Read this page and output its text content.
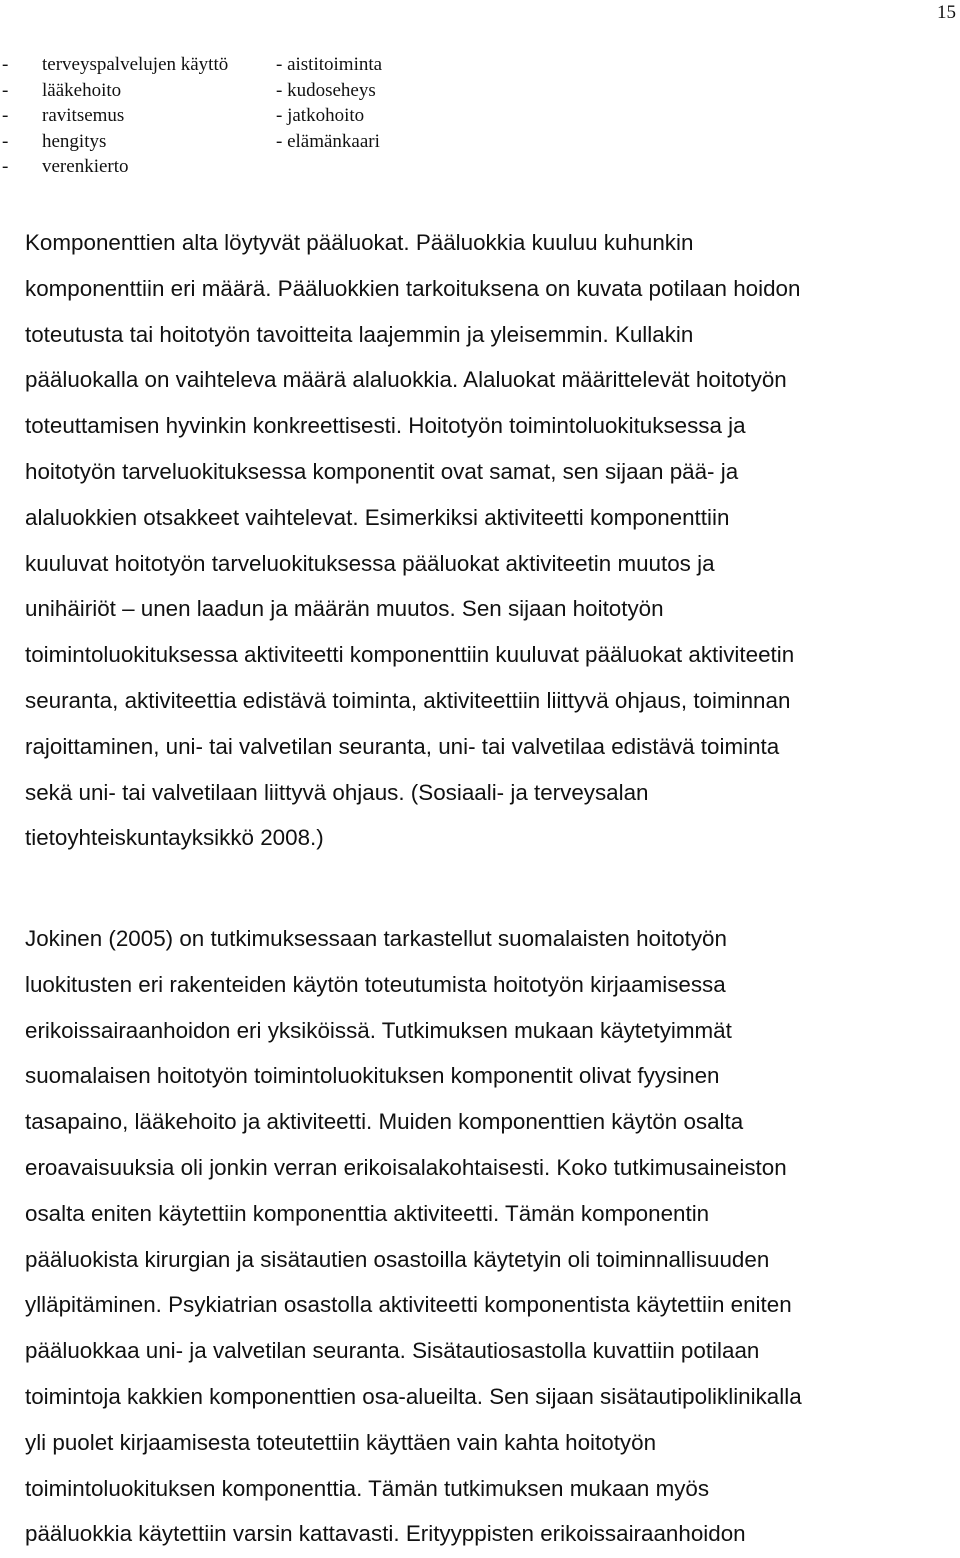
15
- terveyspalvelujen käyttö	- aistitoiminta
- lääkehoito	- kudoseheys
- ravitsemus	- jatkohoito
- hengitys	- elämänkaari
- verenkierto

Komponenttien alta löytyvät pääluokat. Pääluokkia kuuluu kuhunkin
komponenttiin eri määrä. Pääluokkien tarkoituksena on kuvata potilaan hoidon
toteutusta tai hoitotyön tavoitteita laajemmin ja yleisemmin. Kullakin
pääluokalla on vaihteleva määrä alaluokkia. Alaluokat määrittelevät hoitotyön
toteuttamisen hyvinkin konkreettisesti. Hoitotyön toimintoluokituksessa ja
hoitotyön tarveluokituksessa komponentit ovat samat, sen sijaan pää- ja
alaluokkien otsakkeet vaihtelevat. Esimerkiksi aktiviteetti komponenttiin
kuuluvat hoitotyön tarveluokituksessa pääluokat aktiviteetin muutos ja
unihäiriöt – unen laadun ja määrän muutos. Sen sijaan hoitotyön
toimintoluokituksessa aktiviteetti komponenttiin kuuluvat pääluokat aktiviteetin
seuranta, aktiviteettia edistävä toiminta, aktiviteettiin liittyvä ohjaus, toiminnan
rajoittaminen, uni- tai valvetilan seuranta, uni- tai valvetilaa edistävä toiminta
sekä uni- tai valvetilaan liittyvä ohjaus. (Sosiaali- ja terveysalan
tietoyhteiskuntayksikkö 2008.)

Jokinen (2005) on tutkimuksessaan tarkastellut suomalaisten hoitotyön
luokitusten eri rakenteiden käytön toteutumista hoitotyön kirjaamisessa
erikoissairaanhoidon eri yksiköissä. Tutkimuksen mukaan käytetyimmät
suomalaisen hoitotyön toimintoluokituksen komponentit olivat fyysinen
tasapaino, lääkehoito ja aktiviteetti. Muiden komponenttien käytön osalta
eroavaisuuksia oli jonkin verran erikoisalakohtaisesti. Koko tutkimusaineiston
osalta eniten käytettiin komponenttia aktiviteetti. Tämän komponentin
pääluokista kirurgian ja sisätautien osastoilla käytetyin oli toiminnallisuuden
ylläpitäminen. Psykiatrian osastolla aktiviteetti komponentista käytettiin eniten
pääluokkaa uni- ja valvetilan seuranta. Sisätautiosastolla kuvattiin potilaan
toimintoja kakkien komponenttien osa-alueilta. Sen sijaan sisätautipoliklinikalla
yli puolet kirjaamisesta toteutettiin käyttäen vain kahta hoitotyön
toimintoluokituksen komponenttia. Tämän tutkimuksen mukaan myös
pääluokkia käytettiin varsin kattavasti. Erityyppisten erikoissairaanhoidon
